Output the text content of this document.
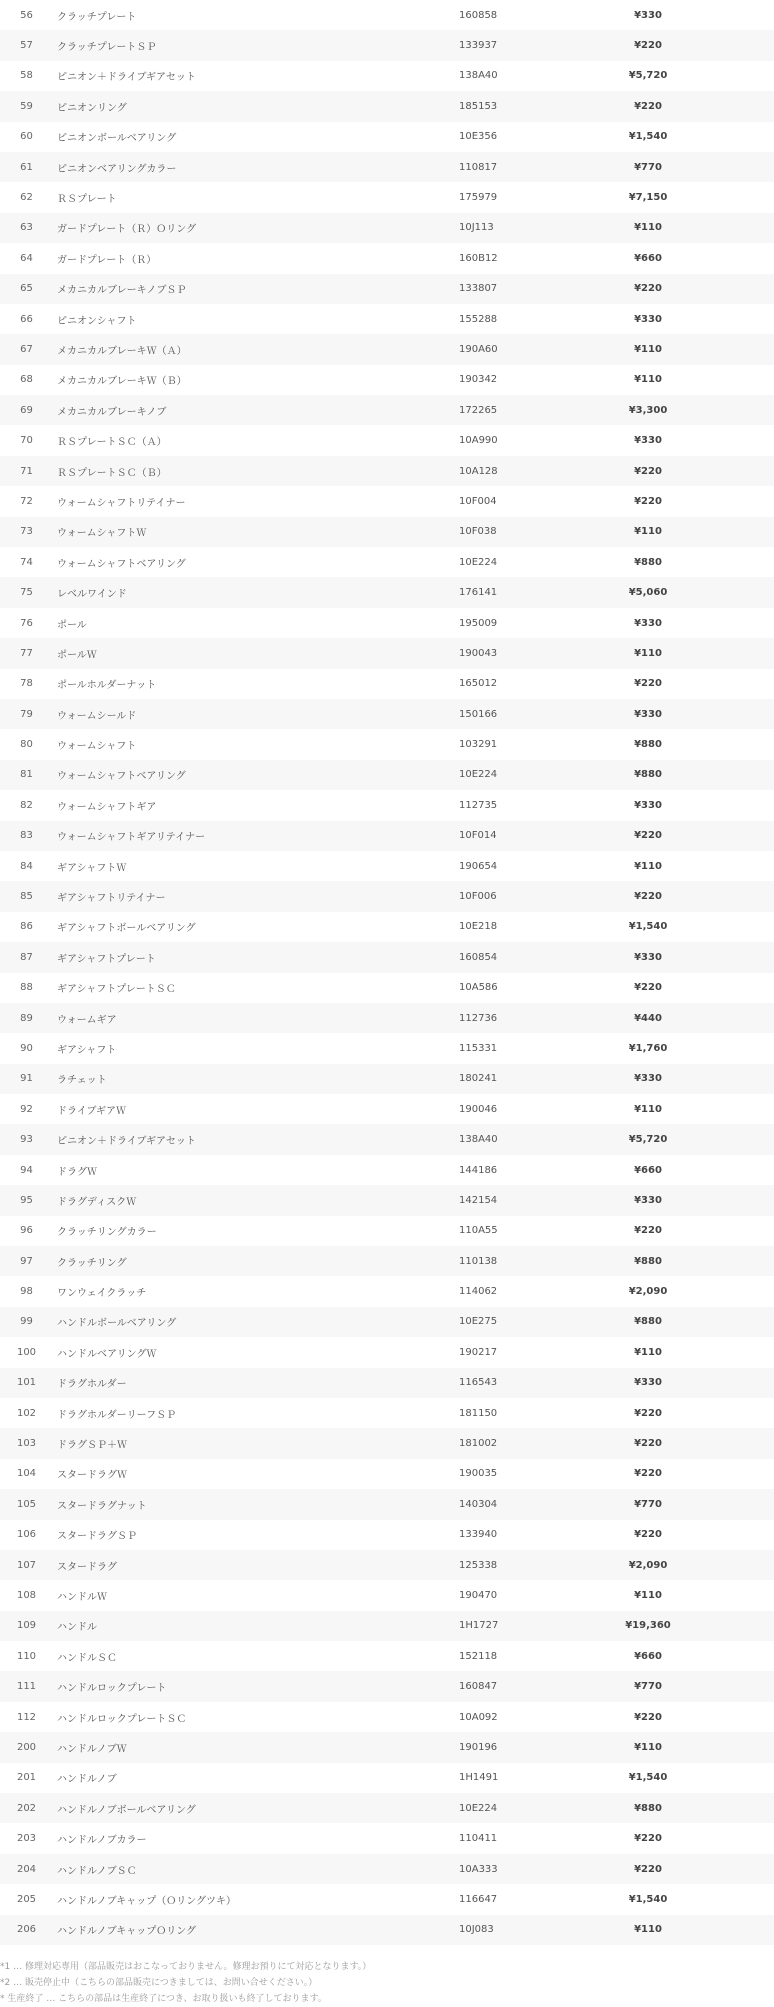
56	クラッチプレート	160858	¥330
57	クラッチプレートＳＰ	133937	¥220
58	ピニオン＋ドライブギアセット	138A40	¥5,720
59	ピニオンリング	185153	¥220
60	ピニオンボールベアリング	10E356	¥1,540
61	ピニオンベアリングカラー	110817	¥770
62	ＲＳプレート	175979	¥7,150
63	ガードプレート（Ｒ）Ｏリング	10J113	¥110
64	ガードプレート（Ｒ）	160B12	¥660
65	メカニカルブレーキノブＳＰ	133807	¥220
66	ピニオンシャフト	155288	¥330
67	メカニカルブレーキＷ（Ａ）	190A60	¥110
68	メカニカルブレーキＷ（Ｂ）	190342	¥110
69	メカニカルブレーキノブ	172265	¥3,300
70	ＲＳプレートＳＣ（Ａ）	10A990	¥330
71	ＲＳプレートＳＣ（Ｂ）	10A128	¥220
72	ウォームシャフトリテイナー	10F004	¥220
73	ウォームシャフトＷ	10F038	¥110
74	ウォームシャフトベアリング	10E224	¥880
75	レベルワインド	176141	¥5,060
76	ポール	195009	¥330
77	ポールＷ	190043	¥110
78	ポールホルダーナット	165012	¥220
79	ウォームシールド	150166	¥330
80	ウォームシャフト	103291	¥880
81	ウォームシャフトベアリング	10E224	¥880
82	ウォームシャフトギア	112735	¥330
83	ウォームシャフトギアリテイナー	10F014	¥220
84	ギアシャフトＷ	190654	¥110
85	ギアシャフトリテイナー	10F006	¥220
86	ギアシャフトボールベアリング	10E218	¥1,540
87	ギアシャフトプレート	160854	¥330
88	ギアシャフトプレートＳＣ	10A586	¥220
89	ウォームギア	112736	¥440
90	ギアシャフト	115331	¥1,760
91	ラチェット	180241	¥330
92	ドライブギアＷ	190046	¥110
93	ピニオン＋ドライブギアセット	138A40	¥5,720
94	ドラグＷ	144186	¥660
95	ドラグディスクＷ	142154	¥330
96	クラッチリングカラー	110A55	¥220
97	クラッチリング	110138	¥880
98	ワンウェイクラッチ	114062	¥2,090
99	ハンドルボールベアリング	10E275	¥880
100	ハンドルベアリングＷ	190217	¥110
101	ドラグホルダー	116543	¥330
102	ドラグホルダーリーフＳＰ	181150	¥220
103	ドラグＳＰ＋Ｗ	181002	¥220
104	スタードラグＷ	190035	¥220
105	スタードラグナット	140304	¥770
106	スタードラグＳＰ	133940	¥220
107	スタードラグ	125338	¥2,090
108	ハンドルＷ	190470	¥110
109	ハンドル	1H1727	¥19,360
110	ハンドルＳＣ	152118	¥660
111	ハンドルロックプレート	160847	¥770
112	ハンドルロックプレートＳＣ	10A092	¥220
200	ハンドルノブＷ	190196	¥110
201	ハンドルノブ	1H1491	¥1,540
202	ハンドルノブボールベアリング	10E224	¥880
203	ハンドルノブカラー	110411	¥220
204	ハンドルノブＳＣ	10A333	¥220
205	ハンドルノブキャップ（Ｏリングツキ）	116647	¥1,540
206	ハンドルノブキャップＯリング	10J083	¥110
*1 … 修理対応専用（部品販売はおこなっておりません。修理お預りにて対応となります。）
*2 … 販売停止中（こちらの部品販売につきましては、お問い合せください。）
* 生産終了 … こちらの部品は生産終了につき、お取り扱いも終了しております。
